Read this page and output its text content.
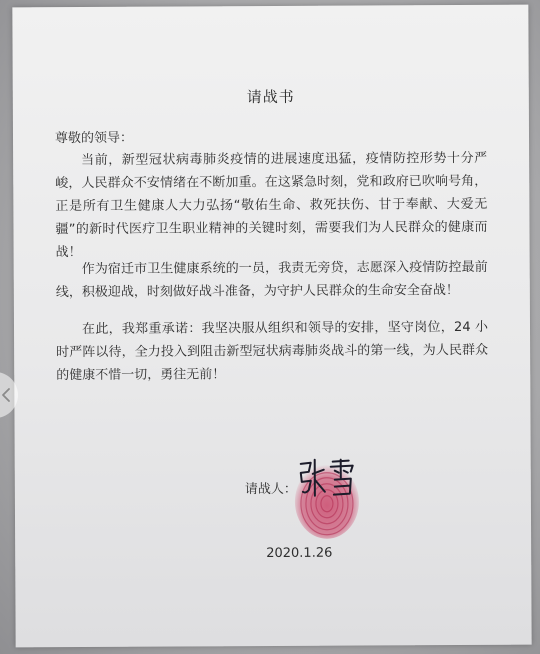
请战书
尊敬的领导：

当前，新型冠状病毒肺炎疫情的进展速度迅猛，疫情防控形势十分严峻，人民群众不安情绪在不断加重。在这紧急时刻，党和政府已吹响号角，正是所有卫生健康人大力弘扬“敬佑生命、救死扶伤、甘于奉献、大爱无疆”的新时代医疗卫生职业精神的关键时刻，需要我们为人民群众的健康而战！

作为宿迁市卫生健康系统的一员，我责无旁贷，志愿深入疫情防控最前线，积极迎战，时刻做好战斗准备，为守护人民群众的生命安全奋战！

在此，我郑重承诺：我坚决服从组织和领导的安排，坚守岗位，24 小时严阵以待，全力投入到阻击新型冠状病毒肺炎战斗的第一线，为人民群众的健康不惜一切，勇往无前！

请战人：
2020.1.26
